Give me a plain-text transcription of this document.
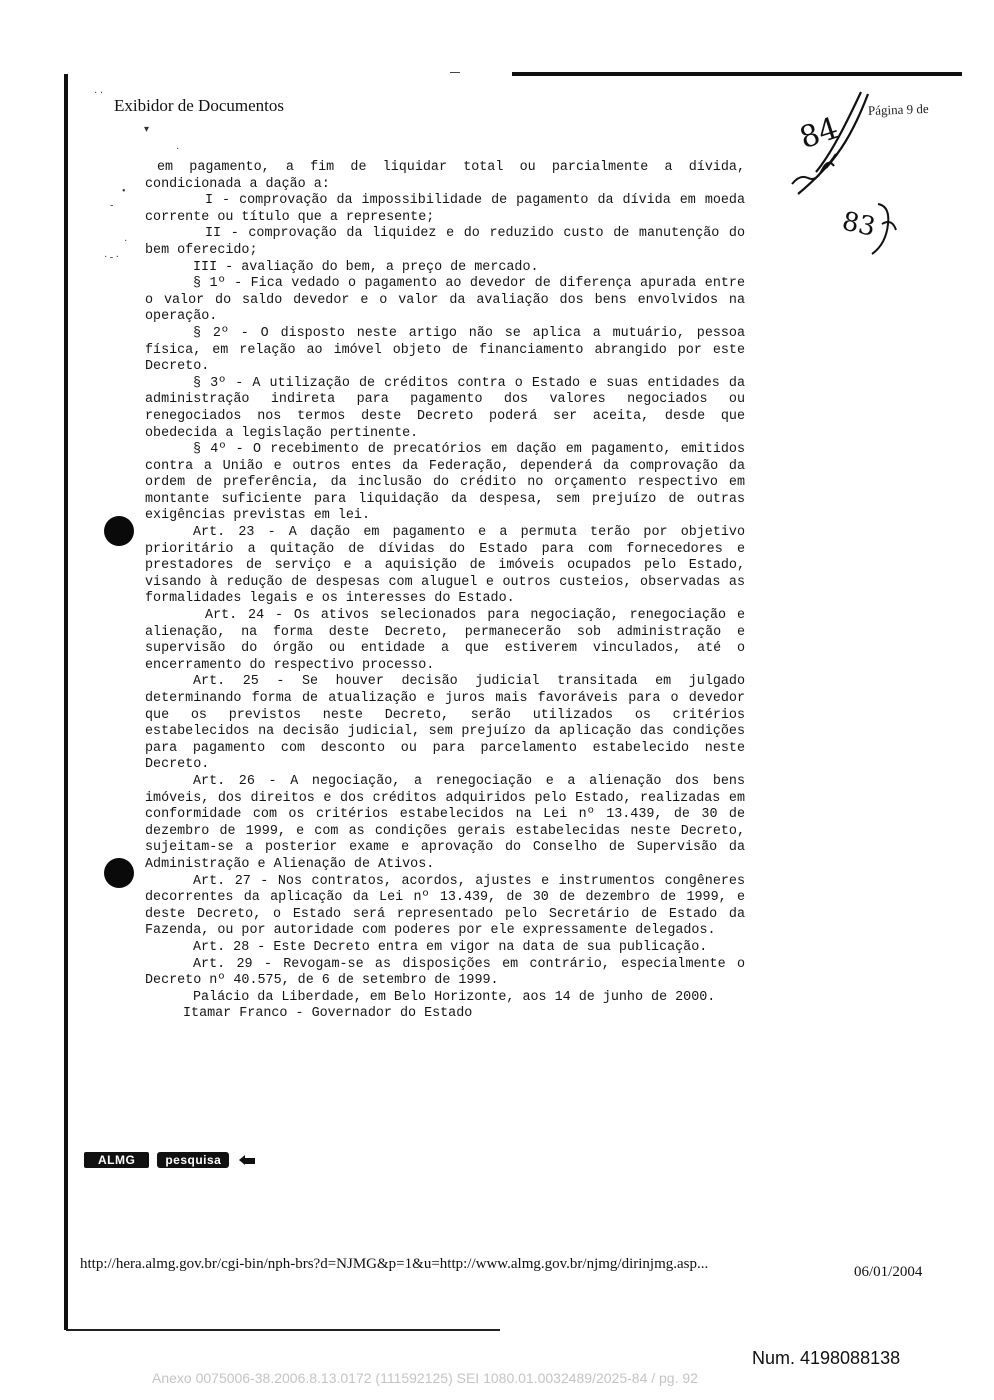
· ·
▾
·
•
-
·
· - ·
Exibidor de Documentos	Página 9 de
84
83

em pagamento, a fim de liquidar total ou parcialmente a dívida, condicionada a dação a:

I - comprovação da impossibilidade de pagamento da dívida em moeda corrente ou título que a represente;

II - comprovação da liquidez e do reduzido custo de manutenção do bem oferecido;

III - avaliação do bem, a preço de mercado.

§ 1º - Fica vedado o pagamento ao devedor de diferença apurada entre o valor do saldo devedor e o valor da avaliação dos bens envolvidos na operação.

§ 2º - O disposto neste artigo não se aplica a mutuário, pessoa física, em relação ao imóvel objeto de financiamento abrangido por este Decreto.

§ 3º - A utilização de créditos contra o Estado e suas entidades da administração indireta para pagamento dos valores negociados ou renegociados nos termos deste Decreto poderá ser aceita, desde que obedecida a legislação pertinente.

§ 4º - O recebimento de precatórios em dação em pagamento, emitidos contra a União e outros entes da Federação, dependerá da comprovação da ordem de preferência, da inclusão do crédito no orçamento respectivo em montante suficiente para liquidação da despesa, sem prejuízo de outras exigências previstas em lei.

Art. 23 - A dação em pagamento e a permuta terão por objetivo prioritário a quitação de dívidas do Estado para com fornecedores e prestadores de serviço e a aquisição de imóveis ocupados pelo Estado, visando à redução de despesas com aluguel e outros custeios, observadas as formalidades legais e os interesses do Estado.

Art. 24 - Os ativos selecionados para negociação, renegociação e alienação, na forma deste Decreto, permanecerão sob administração e supervisão do órgão ou entidade a que estiverem vinculados, até o encerramento do respectivo processo.

Art. 25 - Se houver decisão judicial transitada em julgado determinando forma de atualização e juros mais favoráveis para o devedor que os previstos neste Decreto, serão utilizados os critérios estabelecidos na decisão judicial, sem prejuízo da aplicação das condições para pagamento com desconto ou para parcelamento estabelecido neste Decreto.

Art. 26 - A negociação, a renegociação e a alienação dos bens imóveis, dos direitos e dos créditos adquiridos pelo Estado, realizadas em conformidade com os critérios estabelecidos na Lei nº 13.439, de 30 de dezembro de 1999, e com as condições gerais estabelecidas neste Decreto, sujeitam-se a posterior exame e aprovação do Conselho de Supervisão da Administração e Alienação de Ativos.

Art. 27 - Nos contratos, acordos, ajustes e instrumentos congêneres decorrentes da aplicação da Lei nº 13.439, de 30 de dezembro de 1999, e deste Decreto, o Estado será representado pelo Secretário de Estado da Fazenda, ou por autoridade com poderes por ele expressamente delegados.

Art. 28 - Este Decreto entra em vigor na data de sua publicação.

Art. 29 - Revogam-se as disposições em contrário, especialmente o Decreto nº 40.575, de 6 de setembro de 1999.

Palácio da Liberdade, em Belo Horizonte, aos 14 de junho de 2000.

Itamar Franco - Governador do Estado

ALMG	pesquisa
http://hera.almg.gov.br/cgi-bin/nph-brs?d=NJMG&p=1&u=http://www.almg.gov.br/njmg/dirinjmg.asp...	06/01/2004
Num. 4198088138
Anexo 0075006-38.2006.8.13.0172 (111592125) SEI 1080.01.0032489/2025-84 / pg. 92
